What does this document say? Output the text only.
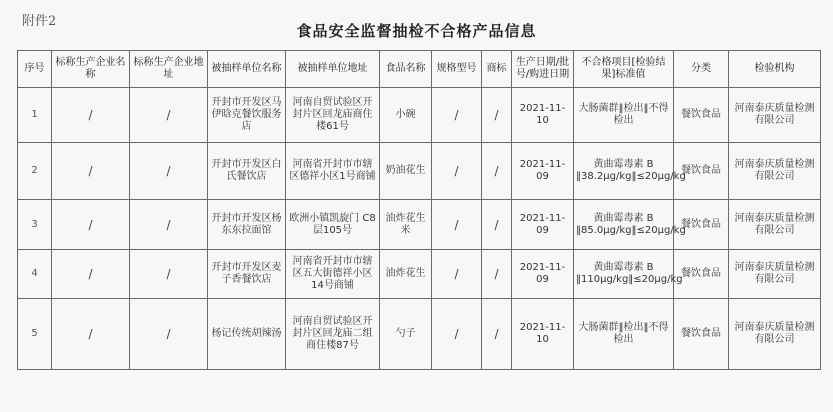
附件2
食品安全监督抽检不合格产品信息
序号	标称生产企业名称	标称生产企业地址	被抽样单位名称	被抽样单位地址	食品名称	规格型号	商标	生产日期/批号/购进日期	不合格项目[检验结果]标准值	分类	检验机构
1	/	/	开封市开发区马伊晗克餐饮服务店	河南自贸试验区开封片区回龙庙商住楼61号	小碗	/	/	2021-11-10	大肠菌群‖检出‖不得检出	餐饮食品	河南泰庆质量检测有限公司
2	/	/	开封市开发区白氏餐饮店	河南省开封市市辖区德祥小区1号商铺	奶油花生	/	/	2021-11-09	黄曲霉毒素 B ‖38.2μg/kg‖≤20μg/kg	餐饮食品	河南泰庆质量检测有限公司
3	/	/	开封市开发区杨东东拉面馆	欧洲小镇凯旋门 C8 层105号	油炸花生米	/	/	2021-11-09	黄曲霉毒素 B ‖85.0μg/kg‖≤20μg/kg	餐饮食品	河南泰庆质量检测有限公司
4	/	/	开封市开发区麦子香餐饮店	河南省开封市市辖区五大街德祥小区14号商铺	油炸花生	/	/	2021-11-09	黄曲霉毒素 B ‖110μg/kg‖≤20μg/kg	餐饮食品	河南泰庆质量检测有限公司
5	/	/	杨记传统胡辣汤	河南自贸试验区开封片区回龙庙二组商住楼87号	勺子	/	/	2021-11-10	大肠菌群‖检出‖不得检出	餐饮食品	河南泰庆质量检测有限公司
